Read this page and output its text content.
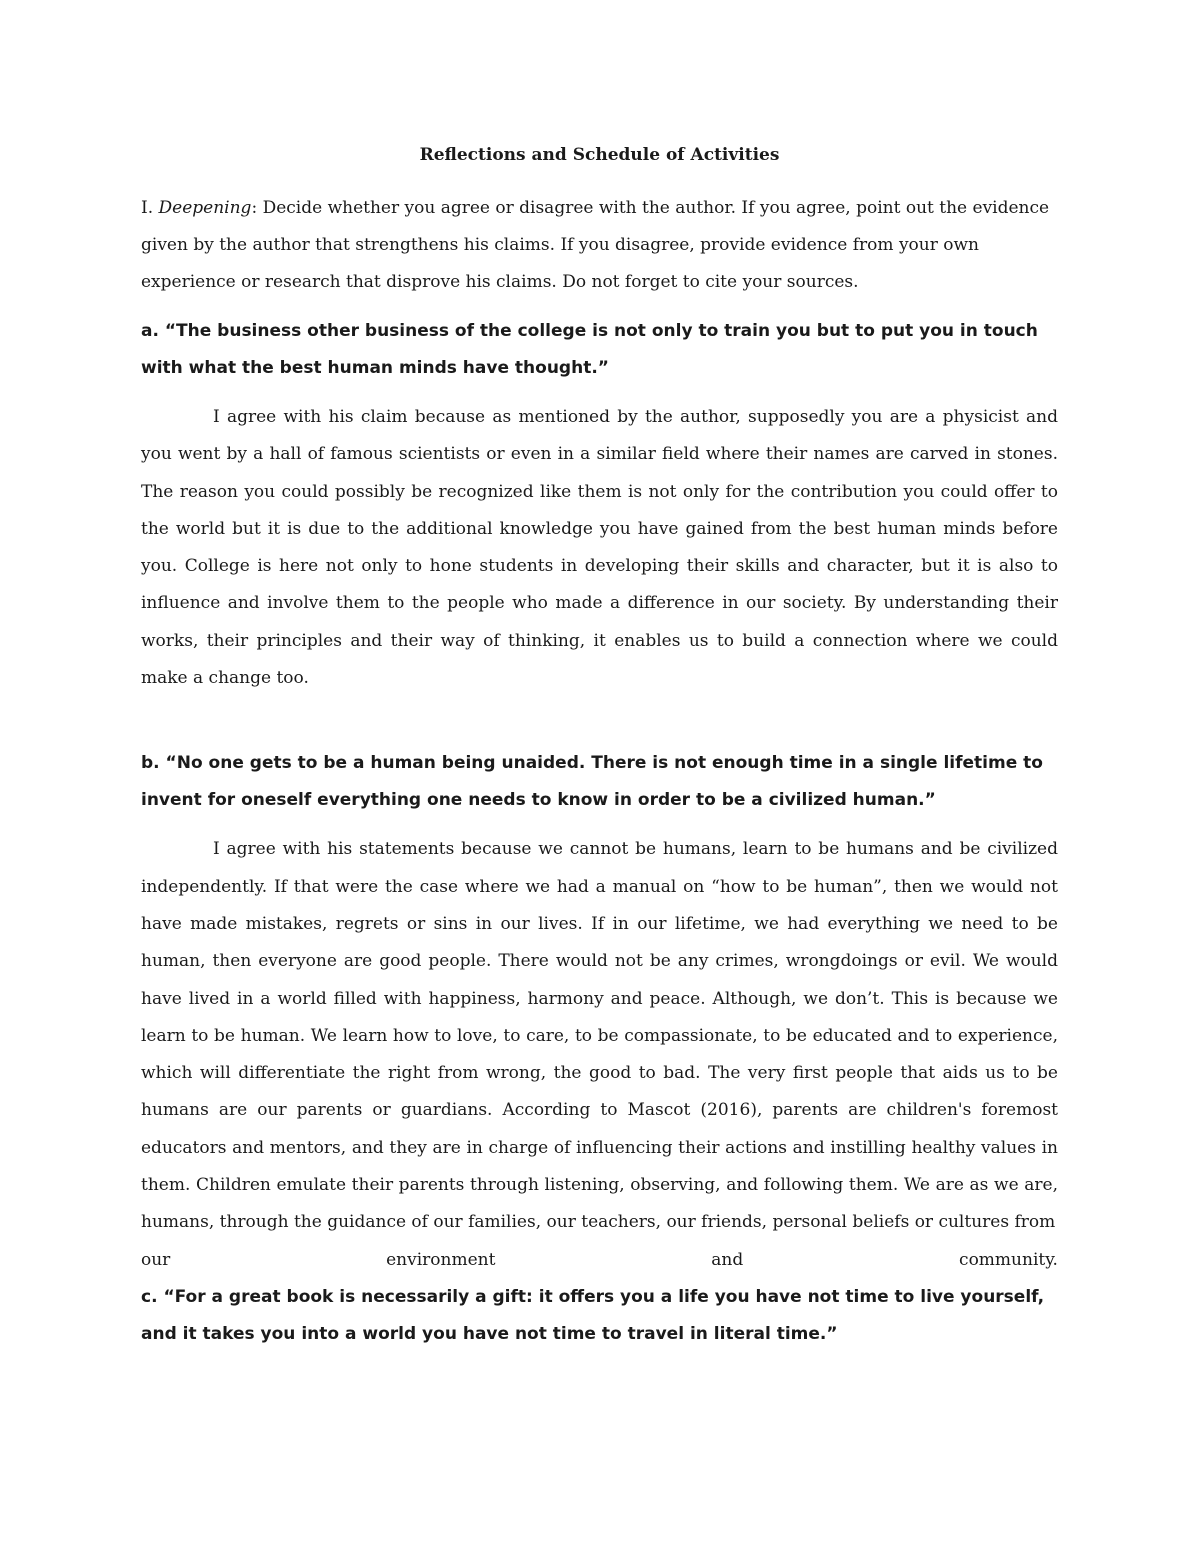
Reflections and Schedule of Activities

I. Deepening: Decide whether you agree or disagree with the author. If you agree, point out the evidence given by the author that strengthens his claims. If you disagree, provide evidence from your own experience or research that disprove his claims. Do not forget to cite your sources.

a. “The business other business of the college is not only to train you but to put you in touch with what the best human minds have thought.”

I agree with his claim because as mentioned by the author, supposedly you are a physicist and you went by a hall of famous scientists or even in a similar field where their names are carved in stones. The reason you could possibly be recognized like them is not only for the contribution you could offer to the world but it is due to the additional knowledge you have gained from the best human minds before you. College is here not only to hone students in developing their skills and character, but it is also to influence and involve them to the people who made a difference in our society. By understanding their works, their principles and their way of thinking, it enables us to build a connection where we could make a change too.

b. “No one gets to be a human being unaided. There is not enough time in a single lifetime to invent for oneself everything one needs to know in order to be a civilized human.”

I agree with his statements because we cannot be humans, learn to be humans and be civilized independently. If that were the case where we had a manual on “how to be human”, then we would not have made mistakes, regrets or sins in our lives. If in our lifetime, we had everything we need to be human, then everyone are good people. There would not be any crimes, wrongdoings or evil. We would have lived in a world filled with happiness, harmony and peace. Although, we don’t. This is because we learn to be human. We learn how to love, to care, to be compassionate, to be educated and to experience, which will differentiate the right from wrong, the good to bad. The very first people that aids us to be humans are our parents or guardians. According to Mascot (2016), parents are children's foremost educators and mentors, and they are in charge of influencing their actions and instilling healthy values in them. Children emulate their parents through listening, observing, and following them. We are as we are, humans, through the guidance of our families, our teachers, our friends, personal beliefs or cultures from

our	environment	and	community.

c. “For a great book is necessarily a gift: it offers you a life you have not time to live yourself, and it takes you into a world you have not time to travel in literal time.”
